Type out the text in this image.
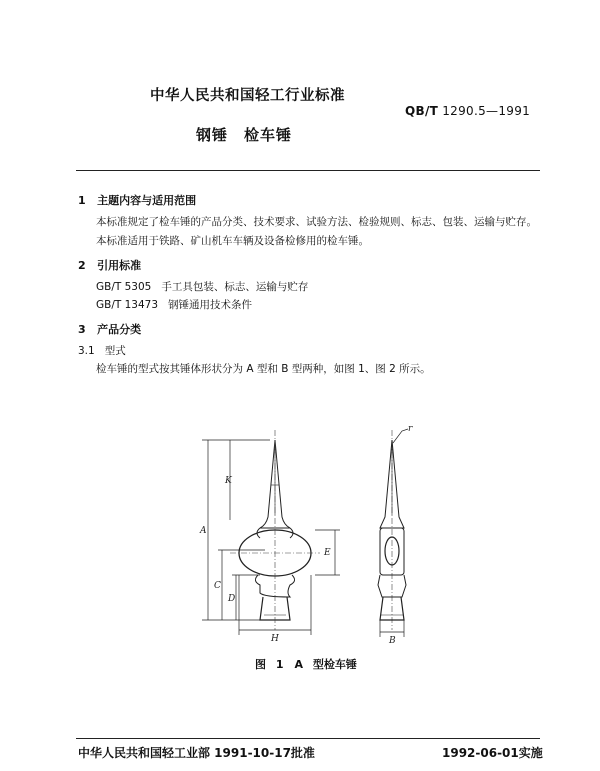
中华人民共和国轻工行业标准
QB/T 1290.5—1991
钢锤　检车锤
1 主题内容与适用范围
本标准规定了检车锤的产品分类、技术要求、试验方法、检验规则、标志、包装、运输与贮存。
本标准适用于铁路、矿山机车车辆及设备检修用的检车锤。
2 引用标准
GB/T 5305 手工具包装、标志、运输与贮存
GB/T 13473 钢锤通用技术条件
3 产品分类
3.1 型式
检车锤的型式按其锤体形状分为 A 型和 B 型两种，如图 1、图 2 所示。
A
K
C
D
E
H	B
r
图 1　A 型检车锤
中华人民共和国轻工业部 1991-10-17批准	1992-06-01实施
